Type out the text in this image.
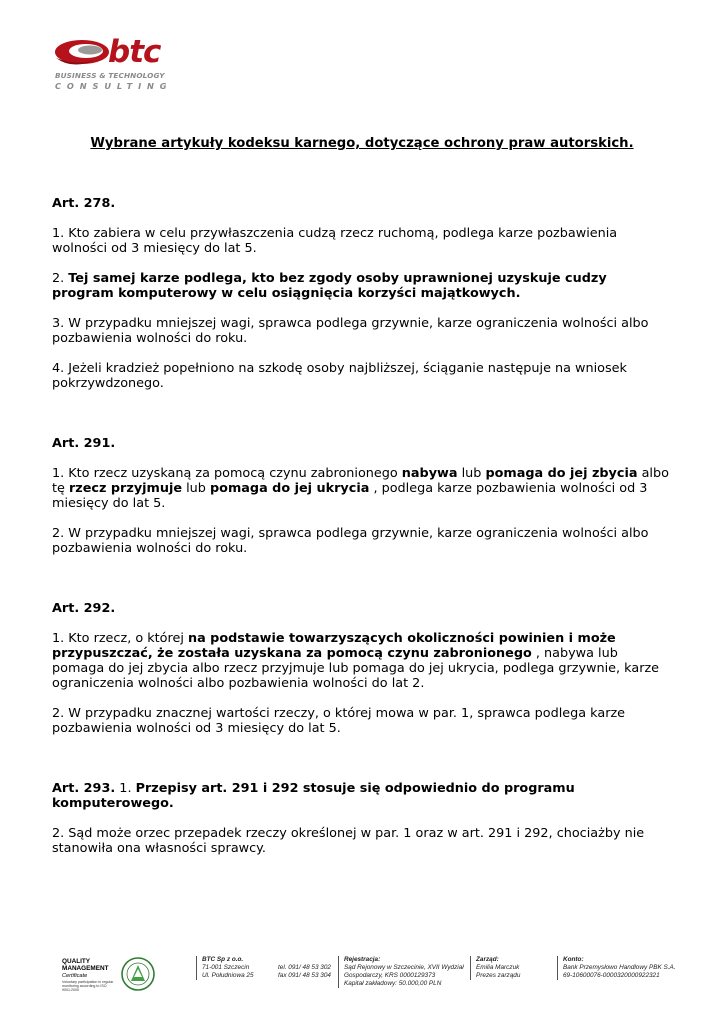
btc
BUSINESS & TECHNOLOGY
CONSULTING
Wybrane artykuły kodeksu karnego, dotyczące ochrony praw autorskich.
Art. 278.

1. Kto zabiera w celu przywłaszczenia cudzą rzecz ruchomą, podlega karze pozbawienia wolności od 3 miesięcy do lat 5.

2. Tej samej karze podlega, kto bez zgody osoby uprawnionej uzyskuje cudzy program komputerowy w celu osiągnięcia korzyści majątkowych.

3. W przypadku mniejszej wagi, sprawca podlega grzywnie, karze ograniczenia wolności albo pozbawienia wolności do roku.

4. Jeżeli kradzież popełniono na szkodę osoby najbliższej, ściąganie następuje na wniosek pokrzywdzonego.

Art. 291.

1. Kto rzecz uzyskaną za pomocą czynu zabronionego nabywa lub pomaga do jej zbycia albo tę rzecz przyjmuje lub pomaga do jej ukrycia , podlega karze pozbawienia wolności od 3 miesięcy do lat 5.

2. W przypadku mniejszej wagi, sprawca podlega grzywnie, karze ograniczenia wolności albo pozbawienia wolności do roku.

Art. 292.

1. Kto rzecz, o której na podstawie towarzyszących okoliczności powinien i może przypuszczać, że została uzyskana za pomocą czynu zabronionego , nabywa lub pomaga do jej zbycia albo rzecz przyjmuje lub pomaga do jej ukrycia, podlega grzywnie, karze ograniczenia wolności albo pozbawienia wolności do lat 2.

2. W przypadku znacznej wartości rzeczy, o której mowa w par. 1, sprawca podlega karze pozbawienia wolności od 3 miesięcy do lat 5.

Art. 293. 1. Przepisy art. 291 i 292 stosuje się odpowiednio do programu komputerowego.

2. Sąd może orzec przepadek rzeczy określonej w par. 1 oraz w art. 291 i 292, chociażby nie stanowiła ona własności sprawcy.

QUALITY
MANAGEMENT
Certificate
Voluntary participation in regular monitoring according to ISO 9001:2000
BTC Sp z o.o.
71-001 Szczecin
Ul. Południowa 25
tel. 091/ 48 53 302
fax 091/ 48 53 304
Rejestracja:
Sąd Rejonowy w Szczecinie, XVII Wydział
Gospodarczy, KRS 0000129373
Kapitał zakładowy: 50.000,00 PLN
Zarząd:
Emilia Marczuk
Prezes zarządu
Konto:
Bank Przemysłowo Handlowy PBK S.A.
69-10600076-0000320000922321
